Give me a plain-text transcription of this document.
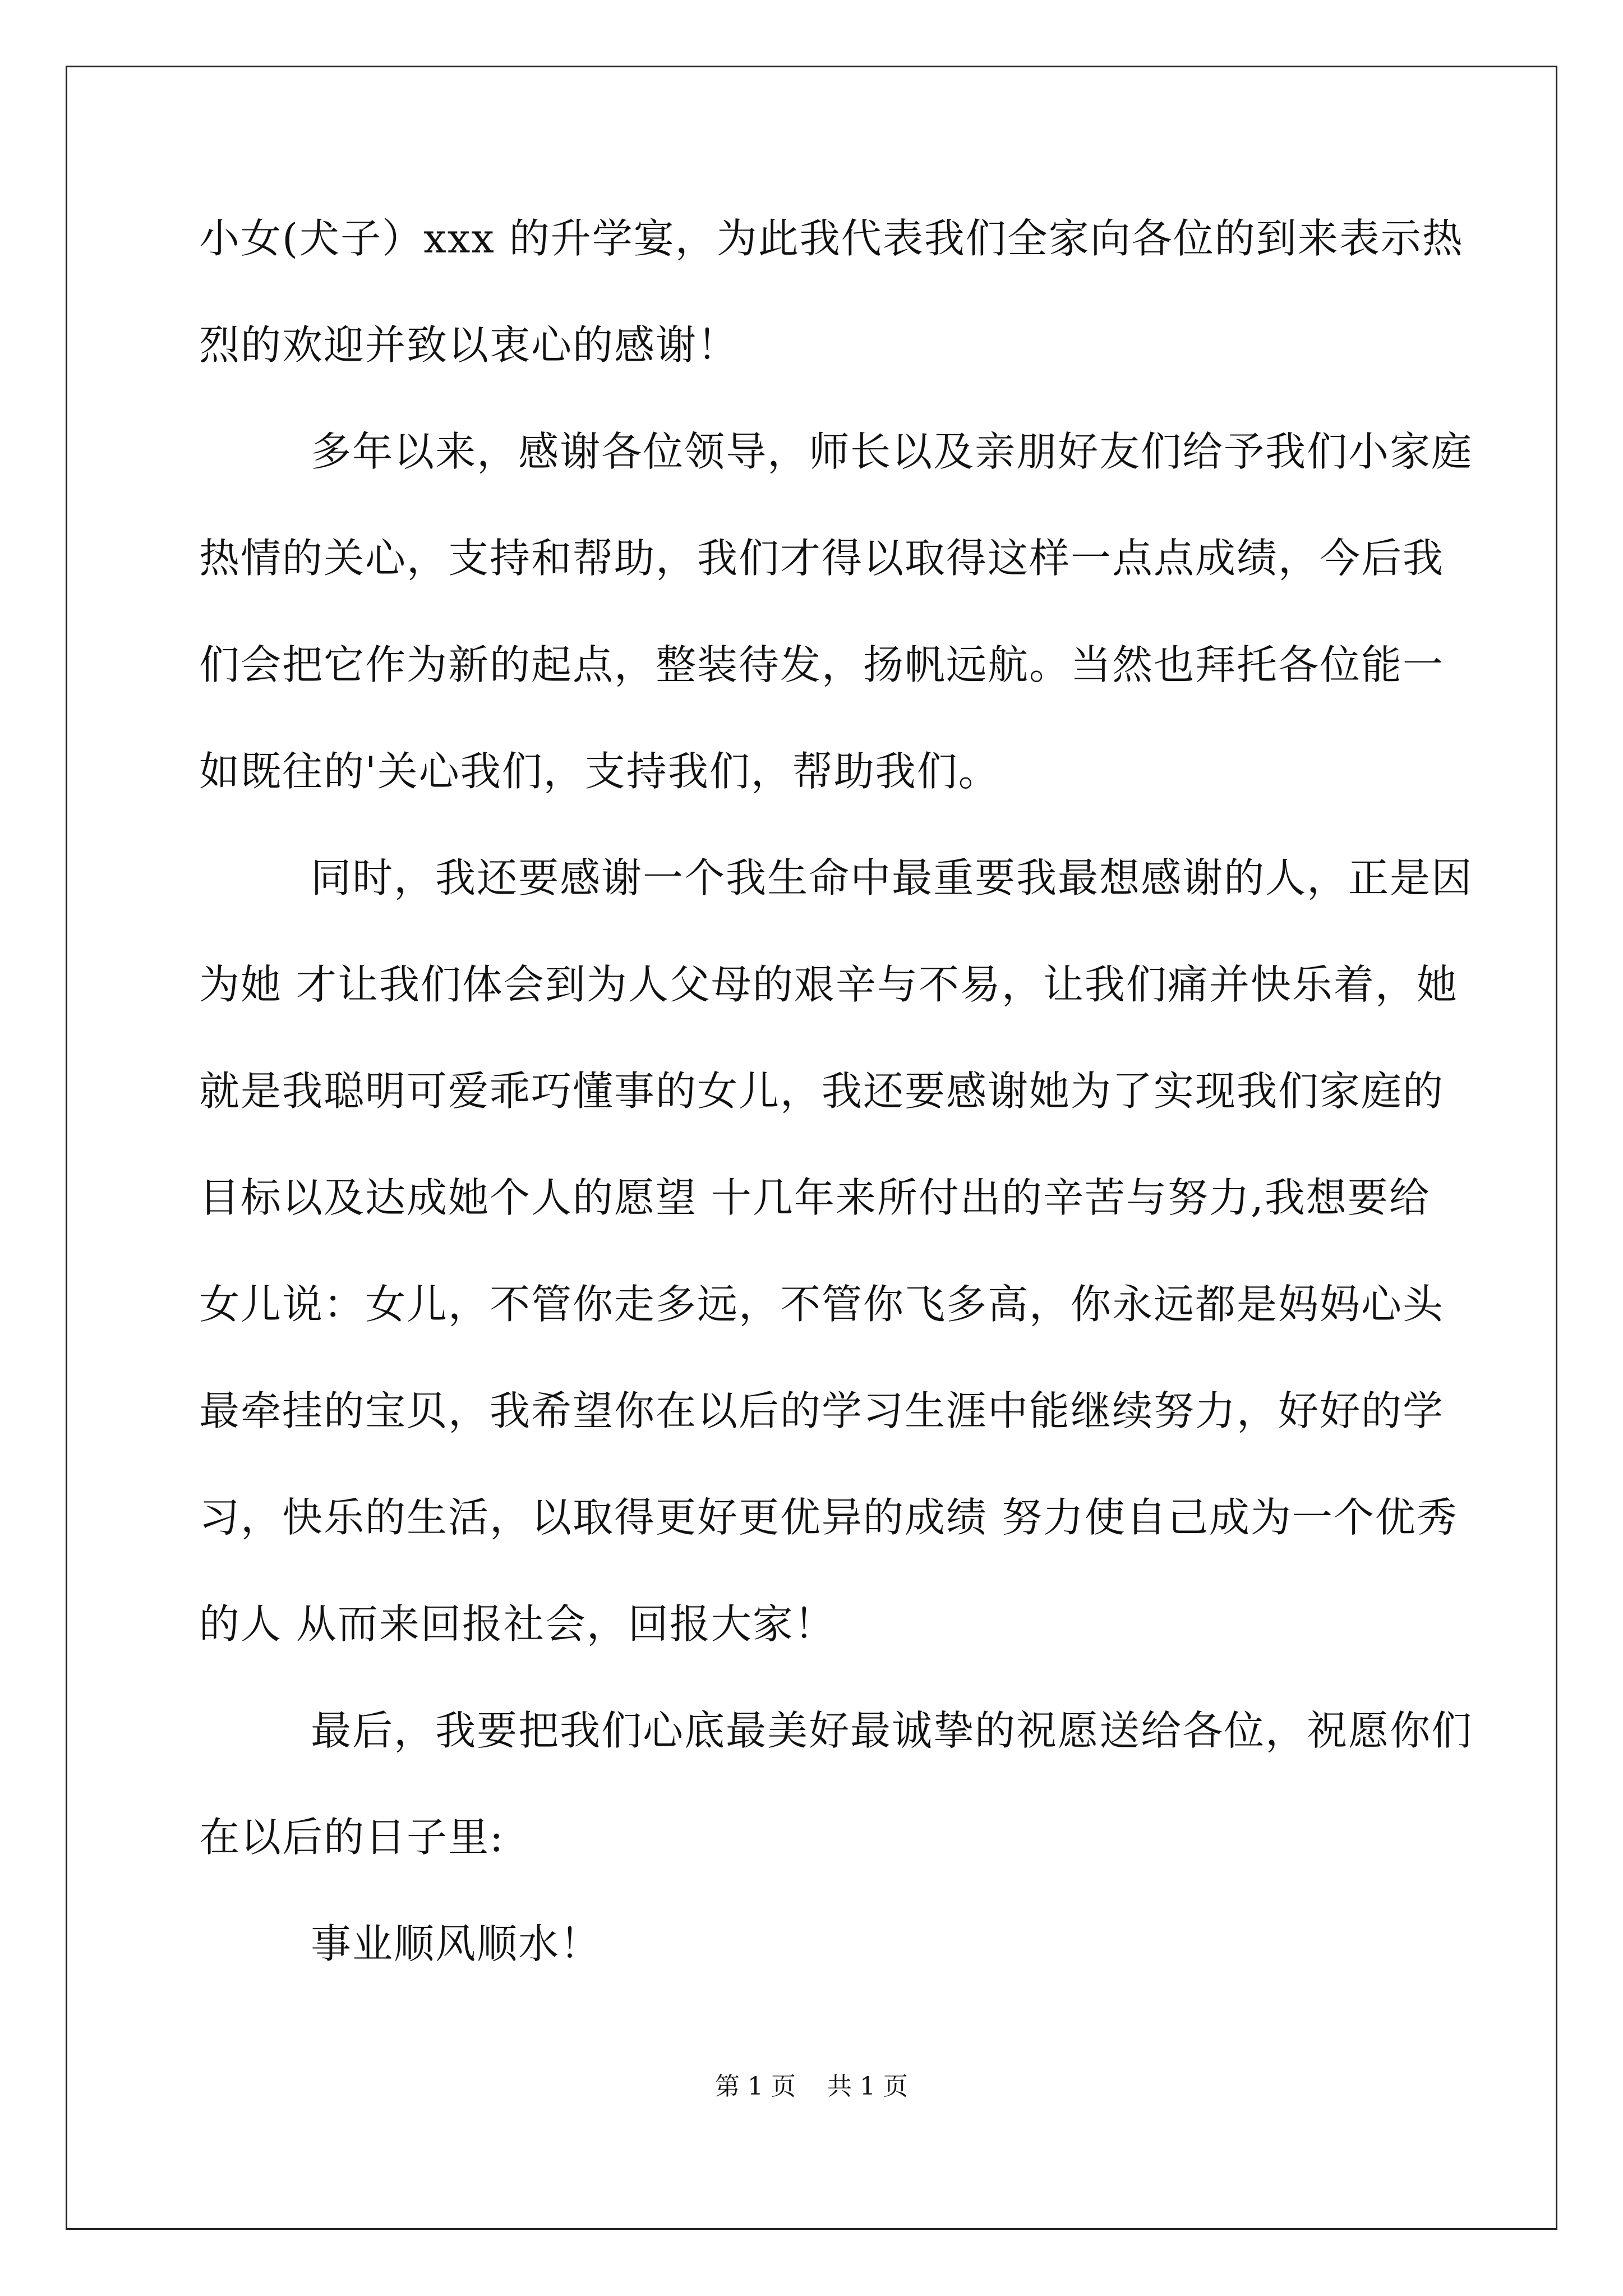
小女(犬子）xxx 的升学宴，为此我代表我们全家向各位的到来表示热
烈的欢迎并致以衷心的感谢！
多年以来，感谢各位领导，师长以及亲朋好友们给予我们小家庭
热情的关心，支持和帮助，我们才得以取得这样一点点成绩，今后我
们会把它作为新的起点，整装待发，扬帆远航。当然也拜托各位能一
如既往的'关心我们，支持我们，帮助我们。
同时，我还要感谢一个我生命中最重要我最想感谢的人，正是因
为她 才让我们体会到为人父母的艰辛与不易，让我们痛并快乐着，她
就是我聪明可爱乖巧懂事的女儿，我还要感谢她为了实现我们家庭的
目标以及达成她个人的愿望 十几年来所付出的辛苦与努力,我想要给
女儿说：女儿，不管你走多远，不管你飞多高，你永远都是妈妈心头
最牵挂的宝贝，我希望你在以后的学习生涯中能继续努力，好好的学
习，快乐的生活，以取得更好更优异的成绩 努力使自己成为一个优秀
的人 从而来回报社会，回报大家！
最后，我要把我们心底最美好最诚挚的祝愿送给各位，祝愿你们
在以后的日子里:
事业顺风顺水！
第 1 页    共 1 页
